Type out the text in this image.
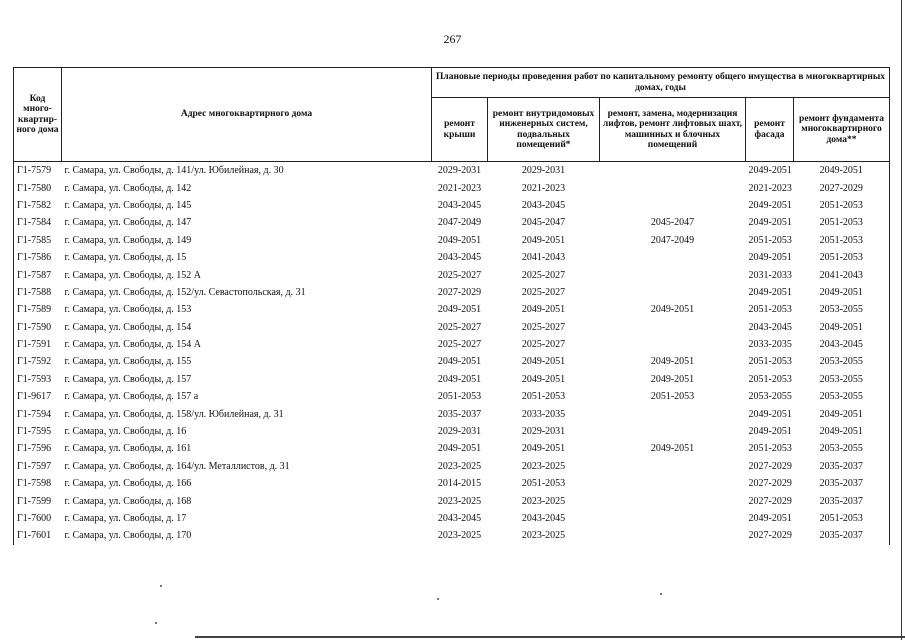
267
Код много-квартир-ного дома	Адрес многоквартирного дома	Плановые периоды проведения работ по капитальному ремонту общего имущества в многоквартирных домах, годы				
		ремонт крыши	ремонт внутридомовых инженерных систем, подвальных помещений*	ремонт, замена, модернизация лифтов, ремонт лифтовых шахт, машинных и блочных помещений	ремонт фасада	ремонт фундамента многоквартирного дома**
Г1-7579	г. Самара, ул. Свободы, д. 141/ул. Юбилейная, д. 30	2029-2031	2029-2031		2049-2051	2049-2051
Г1-7580	г. Самара, ул. Свободы, д. 142	2021-2023	2021-2023		2021-2023	2027-2029
Г1-7582	г. Самара, ул. Свободы, д. 145	2043-2045	2043-2045		2049-2051	2051-2053
Г1-7584	г. Самара, ул. Свободы, д. 147	2047-2049	2045-2047	2045-2047	2049-2051	2051-2053
Г1-7585	г. Самара, ул. Свободы, д. 149	2049-2051	2049-2051	2047-2049	2051-2053	2051-2053
Г1-7586	г. Самара, ул. Свободы, д. 15	2043-2045	2041-2043		2049-2051	2051-2053
Г1-7587	г. Самара, ул. Свободы, д. 152 А	2025-2027	2025-2027		2031-2033	2041-2043
Г1-7588	г. Самара, ул. Свободы, д. 152/ул. Севастопольская, д. 31	2027-2029	2025-2027		2049-2051	2049-2051
Г1-7589	г. Самара, ул. Свободы, д. 153	2049-2051	2049-2051	2049-2051	2051-2053	2053-2055
Г1-7590	г. Самара, ул. Свободы, д. 154	2025-2027	2025-2027		2043-2045	2049-2051
Г1-7591	г. Самара, ул. Свободы, д. 154 А	2025-2027	2025-2027		2033-2035	2043-2045
Г1-7592	г. Самара, ул. Свободы, д. 155	2049-2051	2049-2051	2049-2051	2051-2053	2053-2055
Г1-7593	г. Самара, ул. Свободы, д. 157	2049-2051	2049-2051	2049-2051	2051-2053	2053-2055
Г1-9617	г. Самара, ул. Свободы, д. 157 а	2051-2053	2051-2053	2051-2053	2053-2055	2053-2055
Г1-7594	г. Самара, ул. Свободы, д. 158/ул. Юбилейная, д. 31	2035-2037	2033-2035		2049-2051	2049-2051
Г1-7595	г. Самара, ул. Свободы, д. 16	2029-2031	2029-2031		2049-2051	2049-2051
Г1-7596	г. Самара, ул. Свободы, д. 161	2049-2051	2049-2051	2049-2051	2051-2053	2053-2055
Г1-7597	г. Самара, ул. Свободы, д. 164/ул. Металлистов, д. 31	2023-2025	2023-2025		2027-2029	2035-2037
Г1-7598	г. Самара, ул. Свободы, д. 166	2014-2015	2051-2053		2027-2029	2035-2037
Г1-7599	г. Самара, ул. Свободы, д. 168	2023-2025	2023-2025		2027-2029	2035-2037
Г1-7600	г. Самара, ул. Свободы, д. 17	2043-2045	2043-2045		2049-2051	2051-2053
Г1-7601	г. Самара, ул. Свободы, д. 170	2023-2025	2023-2025		2027-2029	2035-2037
